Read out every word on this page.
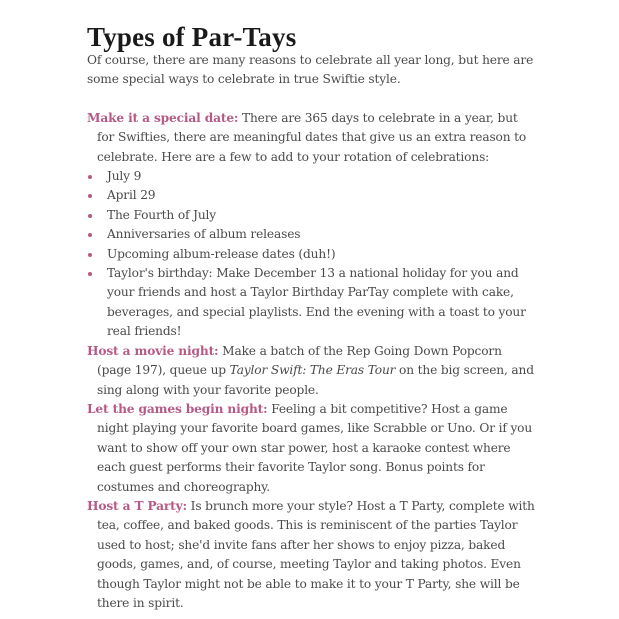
Types of Par-Tays

Of course, there are many reasons to celebrate all year long, but here are some special ways to celebrate in true Swiftie style.

Make it a special date: There are 365 days to celebrate in a year, but for Swifties, there are meaningful dates that give us an extra reason to celebrate. Here are a few to add to your rotation of celebrations:

July 9
April 29
The Fourth of July
Anniversaries of album releases
Upcoming album-release dates (duh!)
Taylor's birthday: Make December 13 a national holiday for you and your friends and host a Taylor Birthday ParTay complete with cake, beverages, and special playlists. End the evening with a toast to your real friends!

Host a movie night: Make a batch of the Rep Going Down Popcorn (page 197), queue up Taylor Swift: The Eras Tour on the big screen, and sing along with your favorite people.

Let the games begin night: Feeling a bit competitive? Host a game night playing your favorite board games, like Scrabble or Uno. Or if you want to show off your own star power, host a karaoke contest where each guest performs their favorite Taylor song. Bonus points for costumes and choreography.

Host a T Party: Is brunch more your style? Host a T Party, complete with tea, coffee, and baked goods. This is reminiscent of the parties Taylor used to host; she'd invite fans after her shows to enjoy pizza, baked goods, games, and, of course, meeting Taylor and taking photos. Even though Taylor might not be able to make it to your T Party, she will be there in spirit.
